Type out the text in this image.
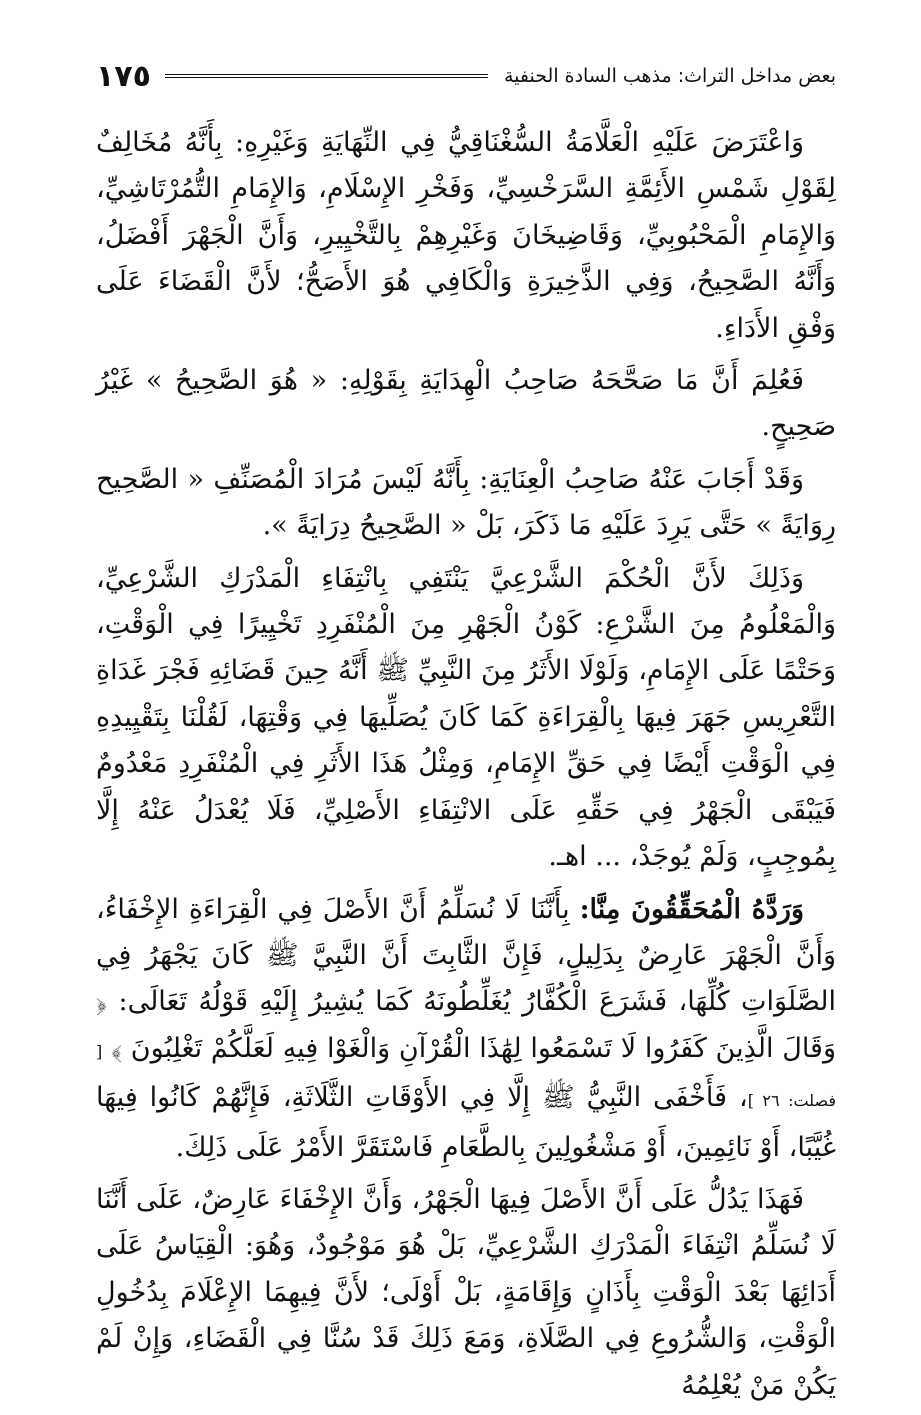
بعض مداخل التراث: مذهب السادة الحنفية
١٧٥

وَاعْتَرَضَ عَلَيْهِ الْعَلَّامَةُ السُّغْنَاقِيُّ فِي النِّهَايَةِ وَغَيْرِهِ: بِأَنَّهُ مُخَالِفٌ لِقَوْلِ شَمْسِ الأَئِمَّةِ السَّرَخْسِيِّ، وَفَخْرِ الإِسْلَامِ، وَالإِمَامِ التُّمُرْتَاشِيِّ، وَالإِمَامِ الْمَحْبُوبِيِّ، وَقَاضِيخَانَ وَغَيْرِهِمْ بِالتَّخْيِيرِ، وَأَنَّ الْجَهْرَ أَفْضَلُ، وَأَنَّهُ الصَّحِيحُ، وَفِي الذَّخِيرَةِ وَالْكَافِي هُوَ الأَصَحُّ؛ لأَنَّ الْقَضَاءَ عَلَى وَفْقِ الأَدَاءِ.

فَعُلِمَ أَنَّ مَا صَحَّحَهُ صَاحِبُ الْهِدَايَةِ بِقَوْلِهِ: « هُوَ الصَّحِيحُ » غَيْرُ صَحِيحٍ.

وَقَدْ أَجَابَ عَنْهُ صَاحِبُ الْعِنَايَةِ: بِأَنَّهُ لَيْسَ مُرَادَ الْمُصَنِّفِ « الصَّحِيح رِوَايَةً » حَتَّى يَرِدَ عَلَيْهِ مَا ذَكَرَ، بَلْ « الصَّحِيحُ دِرَايَةً ».

وَذَلِكَ لأَنَّ الْحُكْمَ الشَّرْعِيَّ يَنْتَفِي بِانْتِفَاءِ الْمَدْرَكِ الشَّرْعِيِّ، وَالْمَعْلُومُ مِنَ الشَّرْعِ: كَوْنُ الْجَهْرِ مِنَ الْمُنْفَرِدِ تَخْيِيرًا فِي الْوَقْتِ، وَحَتْمًا عَلَى الإِمَامِ، وَلَوْلَا الأَثَرُ مِنَ النَّبِيِّ ﷺ أَنَّهُ حِينَ قَضَائِهِ فَجْرَ غَدَاةِ التَّعْرِيسِ جَهَرَ فِيهَا بِالْقِرَاءَةِ كَمَا كَانَ يُصَلِّيهَا فِي وَقْتِهَا، لَقُلْنَا بِتَقْيِيدِهِ فِي الْوَقْتِ أَيْضًا فِي حَقِّ الإِمَامِ، وَمِثْلُ هَذَا الأَثَرِ فِي الْمُنْفَرِدِ مَعْدُومٌ فَيَبْقَى الْجَهْرُ فِي حَقِّهِ عَلَى الانْتِفَاءِ الأَصْلِيِّ، فَلَا يُعْدَلُ عَنْهُ إِلَّا بِمُوجِبٍ، وَلَمْ يُوجَدْ، ... اهـ.

وَرَدَّهُ الْمُحَقِّقُونَ مِنَّا: بِأَنَّنَا لَا نُسَلِّمُ أَنَّ الأَصْلَ فِي الْقِرَاءَةِ الإِخْفَاءُ، وَأَنَّ الْجَهْرَ عَارِضٌ بِدَلِيلٍ، فَإِنَّ الثَّابِتَ أَنَّ النَّبِيَّ ﷺ كَانَ يَجْهَرُ فِي الصَّلَوَاتِ كُلِّهَا، فَشَرَعَ الْكُفَّارُ يُغَلِّطُونَهُ كَمَا يُشِيرُ إِلَيْهِ قَوْلُهُ تَعَالَى: ﴿ وَقَالَ الَّذِينَ كَفَرُوا لَا تَسْمَعُوا لِهَٰذَا الْقُرْآنِ وَالْغَوْا فِيهِ لَعَلَّكُمْ تَغْلِبُونَ ﴾ [ فصلت: ٢٦ ]، فَأَخْفَى النَّبِيُّ ﷺ إِلَّا فِي الأَوْقَاتِ الثَّلَاثَةِ، فَإِنَّهُمْ كَانُوا فِيهَا غُيَّبًا، أَوْ نَائِمِينَ، أَوْ مَشْغُولِينَ بِالطَّعَامِ فَاسْتَقَرَّ الأَمْرُ عَلَى ذَلِكَ.

فَهَذَا يَدُلُّ عَلَى أَنَّ الأَصْلَ فِيهَا الْجَهْرُ، وَأَنَّ الإِخْفَاءَ عَارِضٌ، عَلَى أَنَّنَا لَا نُسَلِّمُ انْتِفَاءَ الْمَدْرَكِ الشَّرْعِيِّ، بَلْ هُوَ مَوْجُودٌ، وَهُوَ: الْقِيَاسُ عَلَى أَدَائِهَا بَعْدَ الْوَقْتِ بِأَذَانٍ وَإِقَامَةٍ، بَلْ أَوْلَى؛ لأَنَّ فِيهِمَا الإِعْلَامَ بِدُخُولِ الْوَقْتِ، وَالشُّرُوعِ فِي الصَّلَاةِ، وَمَعَ ذَلِكَ قَدْ سُنَّا فِي الْقَضَاءِ، وَإِنْ لَمْ يَكُنْ مَنْ يُعْلِمُهُ
